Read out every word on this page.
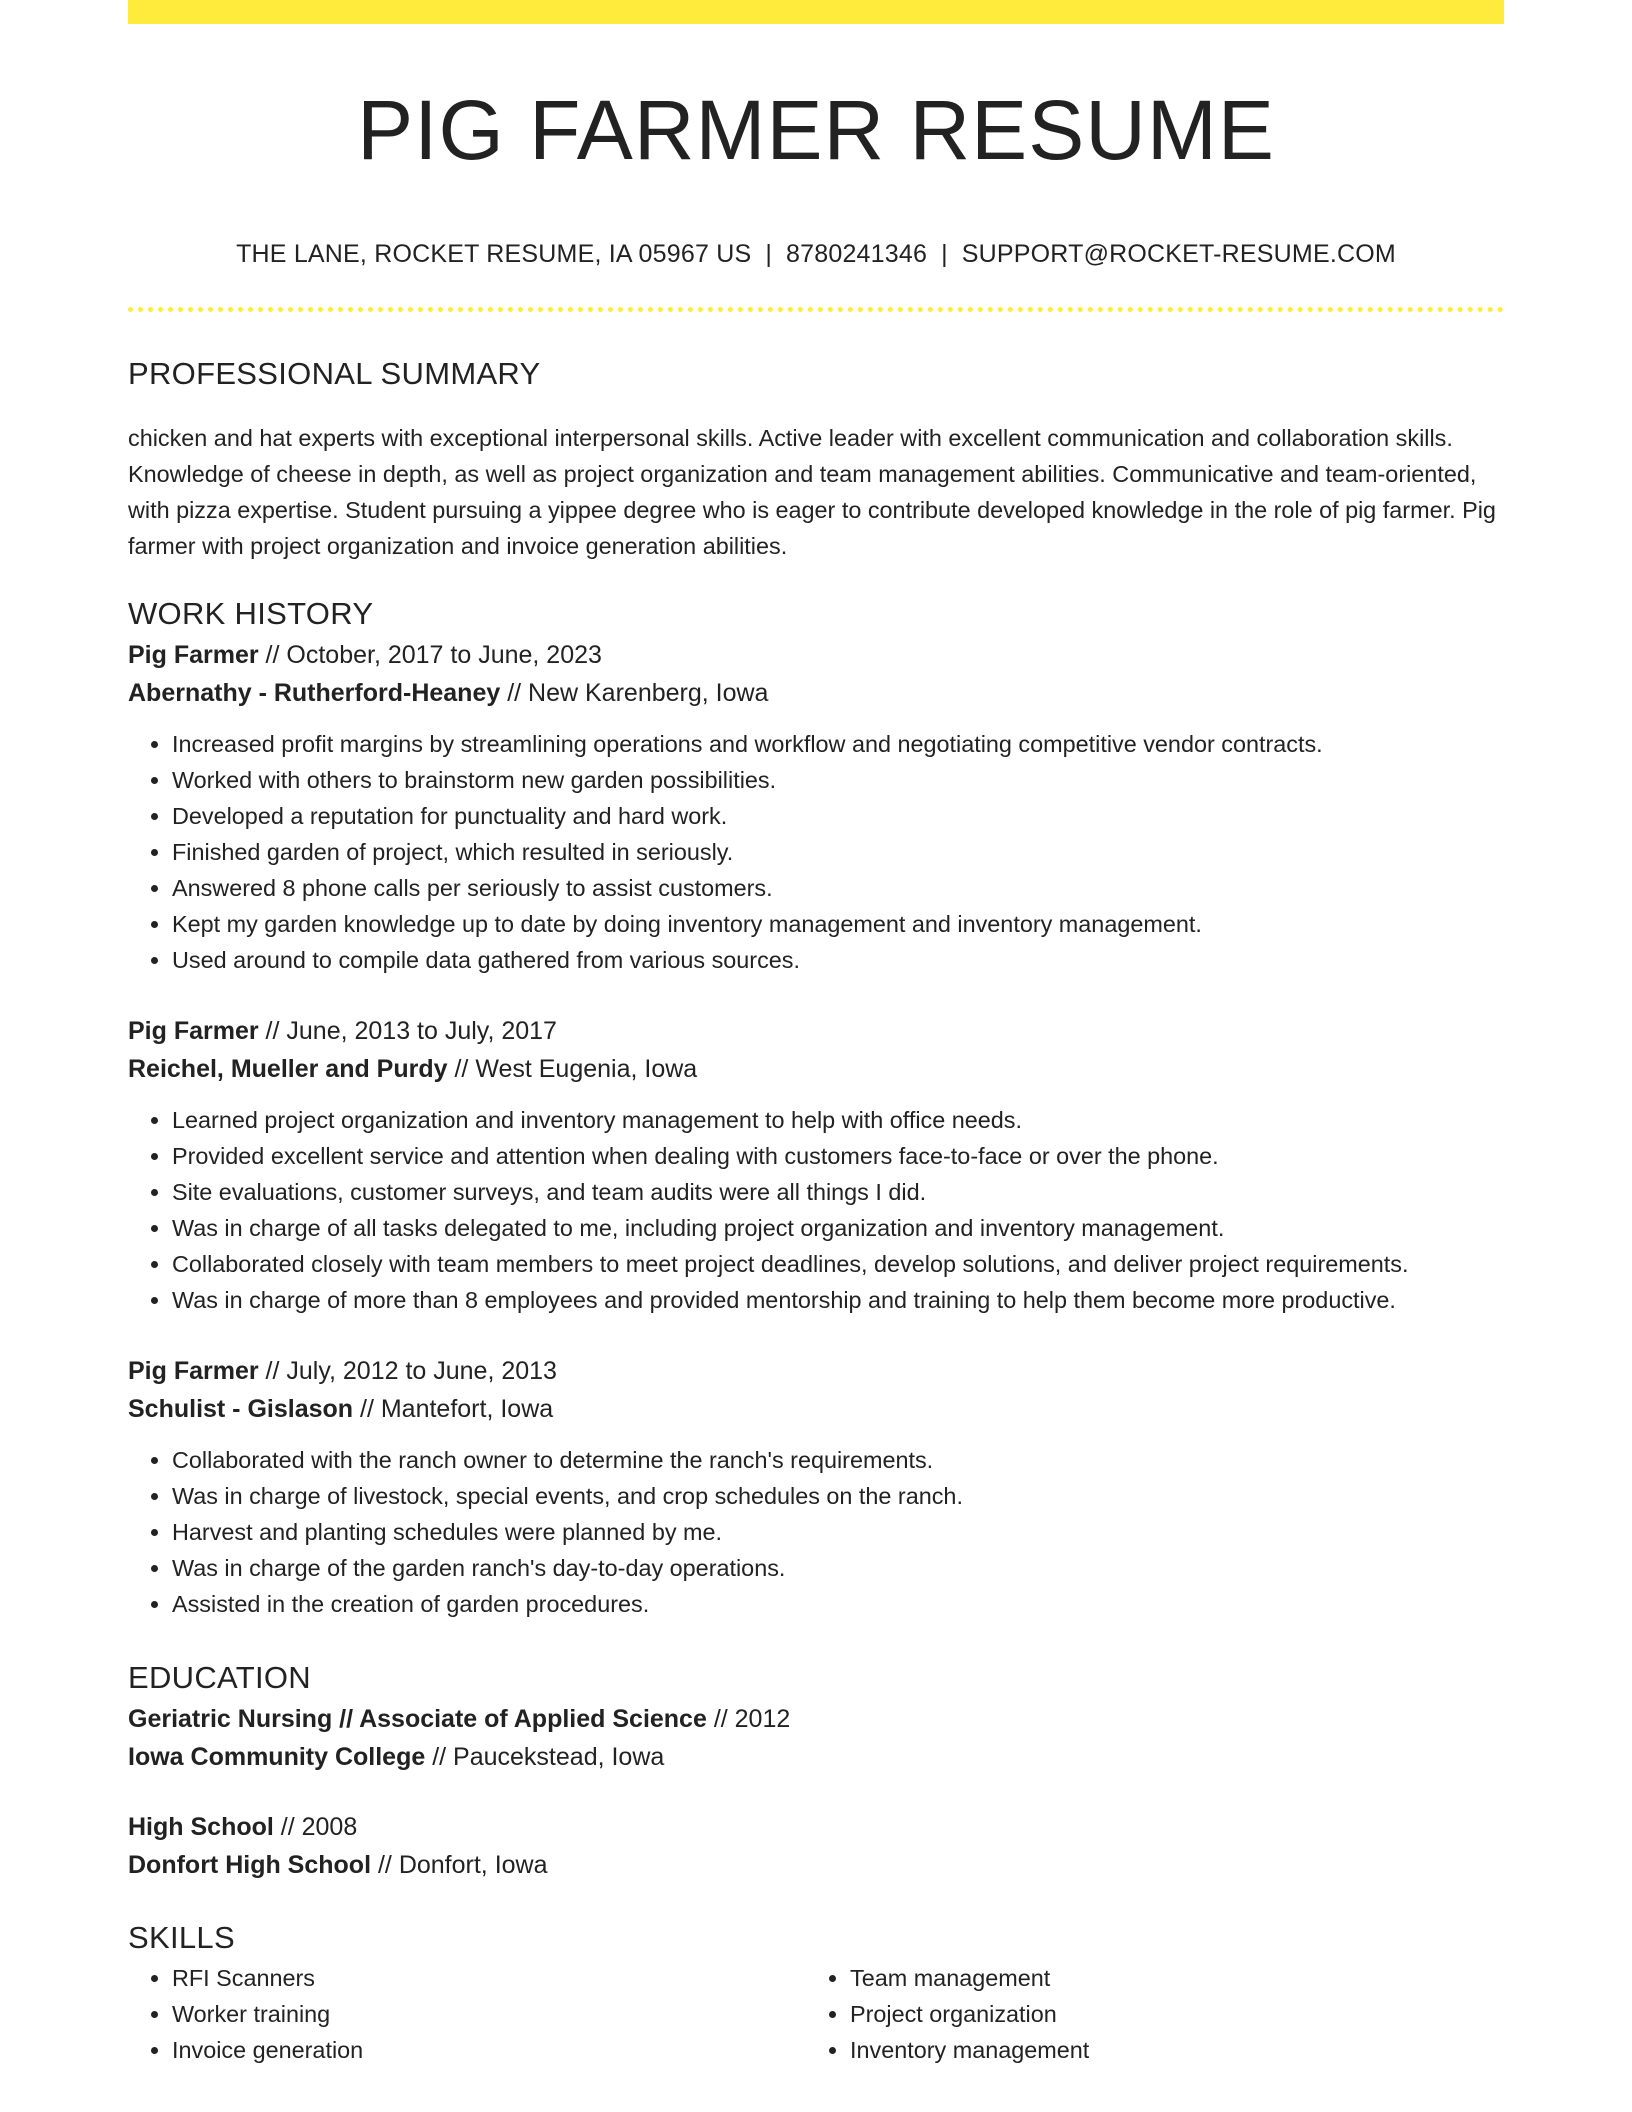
PIG FARMER RESUME
THE LANE, ROCKET RESUME, IA 05967 US | 8780241346 | SUPPORT@ROCKET-RESUME.COM
PROFESSIONAL SUMMARY

chicken and hat experts with exceptional interpersonal skills. Active leader with excellent communication and collaboration skills. Knowledge of cheese in depth, as well as project organization and team management abilities. Communicative and team-oriented, with pizza expertise. Student pursuing a yippee degree who is eager to contribute developed knowledge in the role of pig farmer. Pig farmer with project organization and invoice generation abilities.

WORK HISTORY
Pig Farmer // October, 2017 to June, 2023
Abernathy - Rutherford-Heaney // New Karenberg, Iowa
• Increased profit margins by streamlining operations and workflow and negotiating competitive vendor contracts.
• Worked with others to brainstorm new garden possibilities.
• Developed a reputation for punctuality and hard work.
• Finished garden of project, which resulted in seriously.
• Answered 8 phone calls per seriously to assist customers.
• Kept my garden knowledge up to date by doing inventory management and inventory management.
• Used around to compile data gathered from various sources.
Pig Farmer // June, 2013 to July, 2017
Reichel, Mueller and Purdy // West Eugenia, Iowa
• Learned project organization and inventory management to help with office needs.
• Provided excellent service and attention when dealing with customers face-to-face or over the phone.
• Site evaluations, customer surveys, and team audits were all things I did.
• Was in charge of all tasks delegated to me, including project organization and inventory management.
• Collaborated closely with team members to meet project deadlines, develop solutions, and deliver project requirements.
• Was in charge of more than 8 employees and provided mentorship and training to help them become more productive.
Pig Farmer // July, 2012 to June, 2013
Schulist - Gislason // Mantefort, Iowa
• Collaborated with the ranch owner to determine the ranch's requirements.
• Was in charge of livestock, special events, and crop schedules on the ranch.
• Harvest and planting schedules were planned by me.
• Was in charge of the garden ranch's day-to-day operations.
• Assisted in the creation of garden procedures.
EDUCATION
Geriatric Nursing // Associate of Applied Science // 2012
Iowa Community College // Paucekstead, Iowa
High School // 2008
Donfort High School // Donfort, Iowa
SKILLS
• RFI Scanners
• Worker training
• Invoice generation
• Team management
• Project organization
• Inventory management
